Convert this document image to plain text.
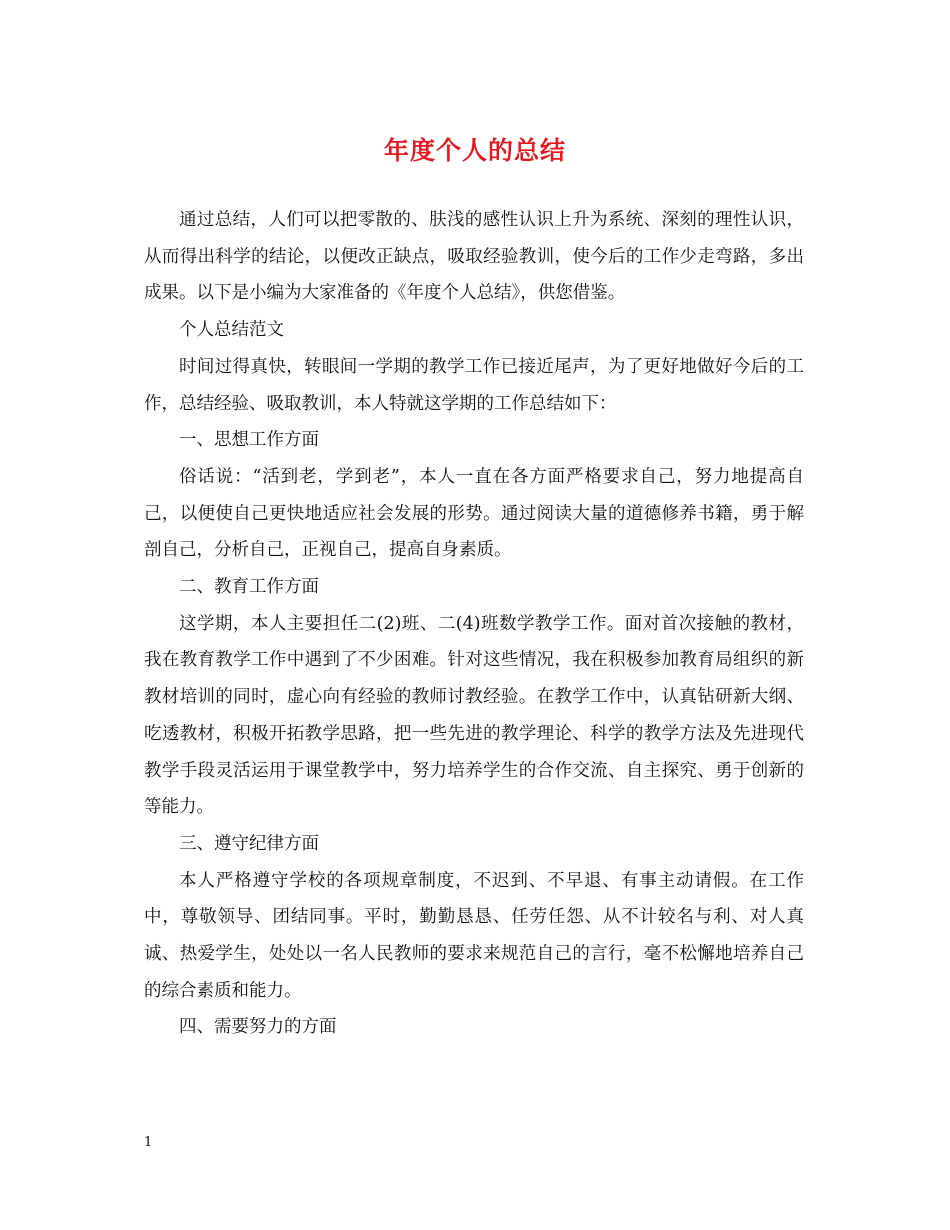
年度个人的总结

通过总结，人们可以把零散的、肤浅的感性认识上升为系统、深刻的理性认识，从而得出科学的结论，以便改正缺点，吸取经验教训，使今后的工作少走弯路，多出成果。以下是小编为大家准备的《年度个人总结》，供您借鉴。

个人总结范文

时间过得真快，转眼间一学期的教学工作已接近尾声，为了更好地做好今后的工作，总结经验、吸取教训，本人特就这学期的工作总结如下：

一、思想工作方面

俗话说：“活到老，学到老”，本人一直在各方面严格要求自己，努力地提高自己，以便使自己更快地适应社会发展的形势。通过阅读大量的道德修养书籍，勇于解剖自己，分析自己，正视自己，提高自身素质。

二、教育工作方面

这学期，本人主要担任二(2)班、二(4)班数学教学工作。面对首次接触的教材，我在教育教学工作中遇到了不少困难。针对这些情况，我在积极参加教育局组织的新教材培训的同时，虚心向有经验的教师讨教经验。在教学工作中，认真钻研新大纲、吃透教材，积极开拓教学思路，把一些先进的教学理论、科学的教学方法及先进现代教学手段灵活运用于课堂教学中，努力培养学生的合作交流、自主探究、勇于创新的等能力。

三、遵守纪律方面

本人严格遵守学校的各项规章制度，不迟到、不早退、有事主动请假。在工作中，尊敬领导、团结同事。平时，勤勤恳恳、任劳任怨、从不计较名与利、对人真诚、热爱学生，处处以一名人民教师的要求来规范自己的言行，毫不松懈地培养自己的综合素质和能力。

四、需要努力的方面

1
